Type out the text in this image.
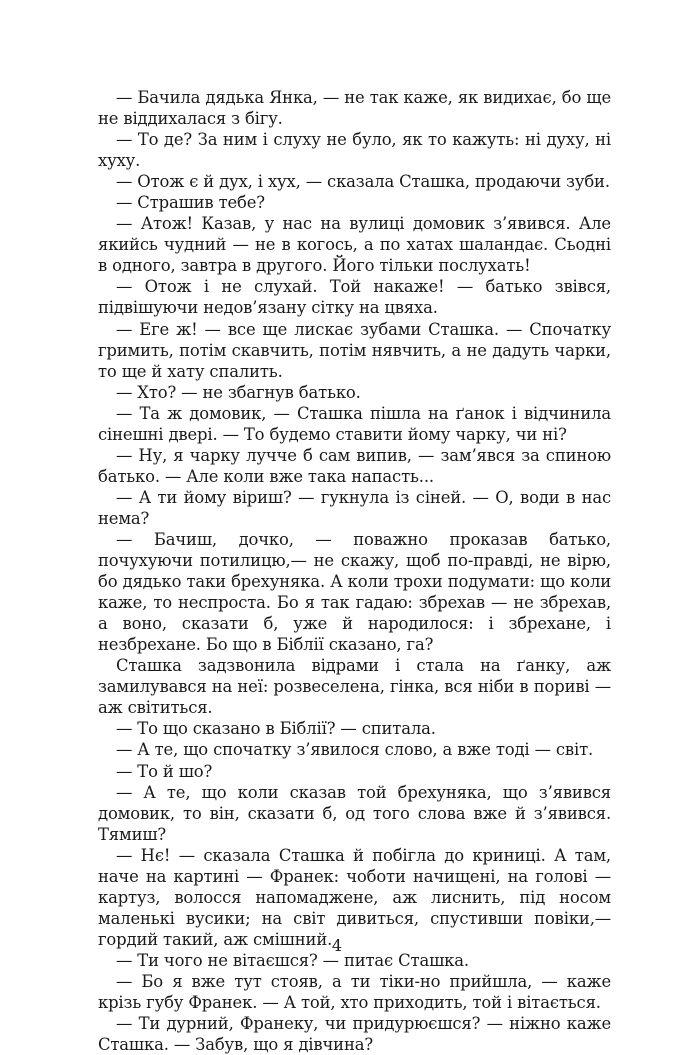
— Бачила дядька Янка, — не так каже, як видихає, бо ще не віддихалася з бігу.

— То де? За ним і слуху не було, як то кажуть: ні духу, ні хуху.

— Отож є й дух, і хух, — сказала Сташка, продаючи зуби.

— Страшив тебе?

— Атож! Казав, у нас на вулиці домовик з’явився. Але якийсь чудний — не в когось, а по хатах шаландає. Сьодні в одного, завтра в другого. Його тільки послухать!

— Отож і не слухай. Той накаже! — батько звівся, підвішуючи недов’язану сітку на цвяха.

— Еге ж! — все ще лискає зубами Сташка. — Спочатку гримить, потім скавчить, потім нявчить, а не дадуть чарки, то ще й хату спалить.

— Хто? — не збагнув батько.

— Та ж домовик, — Сташка пішла на ґанок і відчинила сінешні двері. — То будемо ставити йому чарку, чи ні?

— Ну, я чарку лучче б сам випив, — зам’явся за спиною батько. — Але коли вже така напасть...

— А ти йому віриш? — гукнула із сіней. — О, води в нас нема?

— Бачиш, дочко, — поважно проказав батько, почухуючи потилицю,— не скажу, щоб по-правді, не вірю, бо дядько таки брехуняка. А коли трохи подумати: що коли каже, то неспроста. Бо я так гадаю: збрехав — не збрехав, а воно, сказати б, уже й народилося: і збрехане, і незбрехане. Бо що в Біблії сказано, га?

Сташка задзвонила відрами і стала на ґанку, аж замилувався на неї: розвеселена, гінка, вся ніби в пориві — аж світиться.

— То що сказано в Біблії? — спитала.

— А те, що спочатку з’явилося слово, а вже тоді — світ.

— То й шо?

— А те, що коли сказав той брехуняка, що з’явився домовик, то він, сказати б, од того слова вже й з’явився. Тямиш?

— Нє! — сказала Сташка й побігла до криниці. А там, наче на картині — Франек: чоботи начищені, на голові — картуз, волосся напомаджене, аж лиснить, під носом маленькі вусики; на світ дивиться, спустивши повіки,— гордий такий, аж смішний.

— Ти чого не вітаєшся? — питає Сташка.

— Бо я вже тут стояв, а ти тіки-но прийшла, — каже крізь губу Франек. — А той, хто приходить, той і вітається.

— Ти дурний, Франеку, чи придурюєшся? — ніжно каже Сташка. — Забув, що я дівчина?

4
